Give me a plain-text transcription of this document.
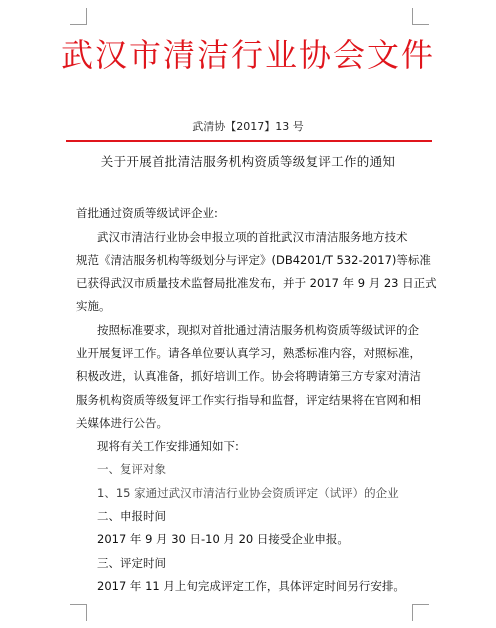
武汉市清洁行业协会文件
武清协【2017】13 号
关于开展首批清洁服务机构资质等级复评工作的通知
首批通过资质等级试评企业:
武汉市清洁行业协会申报立项的首批武汉市清洁服务地方技术
规范《清洁服务机构等级划分与评定》(DB4201/T 532-2017)等标准
已获得武汉市质量技术监督局批准发布，并于 2017 年 9 月 23 日正式
实施。
按照标准要求，现拟对首批通过清洁服务机构资质等级试评的企
业开展复评工作。请各单位要认真学习，熟悉标准内容，对照标准，
积极改进，认真准备，抓好培训工作。协会将聘请第三方专家对清洁
服务机构资质等级复评工作实行指导和监督，评定结果将在官网和相
关媒体进行公告。
现将有关工作安排通知如下:
一、复评对象
1、15 家通过武汉市清洁行业协会资质评定（试评）的企业
二、申报时间
2017 年 9 月 30 日-10 月 20 日接受企业申报。
三、评定时间
2017 年 11 月上旬完成评定工作，具体评定时间另行安排。
